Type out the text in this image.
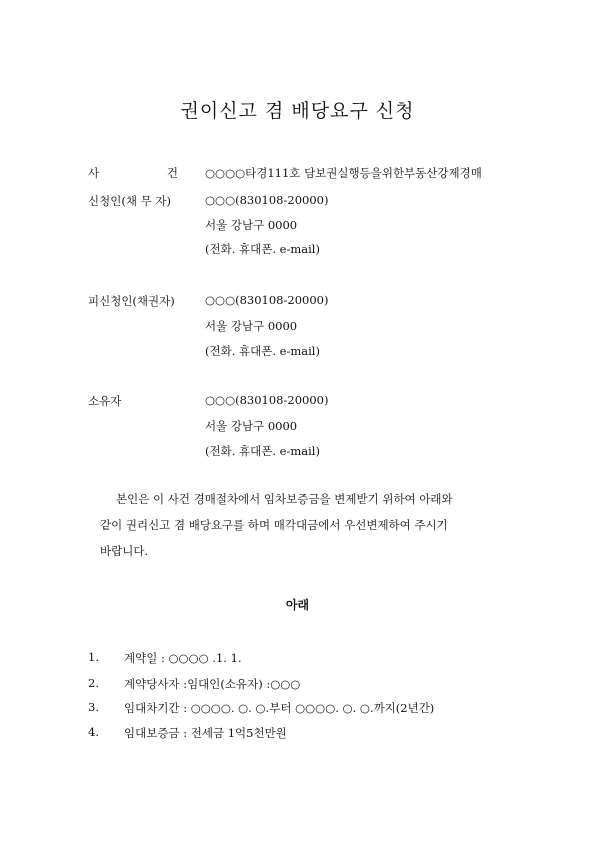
권이신고 겸 배당요구 신청
사	건 ○○○○타경111호 담보권실행등을위한부동산강제경매
신청인(채 무 자)	○○○(830108-20000)
서울 강남구 0000
(전화. 휴대폰. e-mail)
피신청인(채권자)	○○○(830108-20000)
서울 강남구 0000
(전화. 휴대폰. e-mail)
소유자	○○○(830108-20000)
서울 강남구 0000
(전화. 휴대폰. e-mail)
본인은 이 사건 경매절차에서 임차보증금을 변제받기 위하여 아래와
같이 권리신고 겸 배당요구를 하며 매각대금에서 우선변제하여 주시기
바랍니다.
아래
1. 계약일 : ○○○○ .1. 1.
2. 계약당사자 :임대인(소유자) :○○○
3. 임대차기간 : ○○○○. ○. ○.부터 ○○○○. ○. ○.까지(2년간)
4. 임대보증금 : 전세금 1억5천만원
